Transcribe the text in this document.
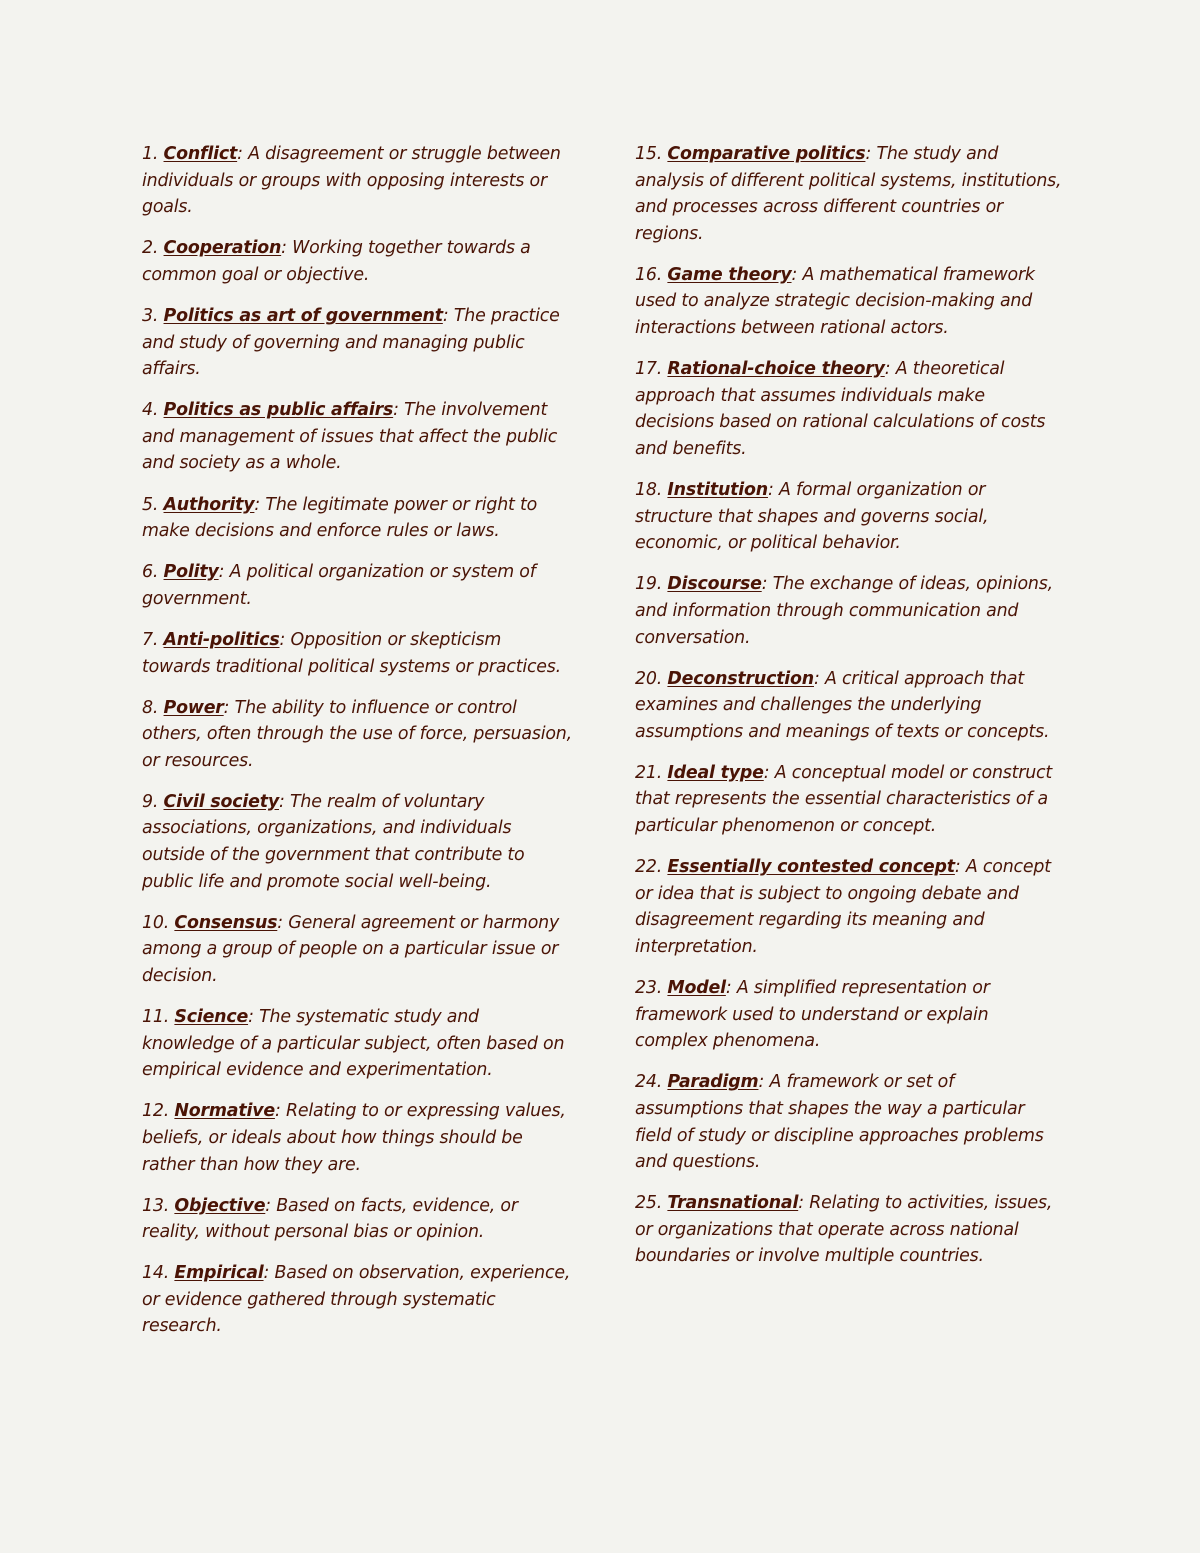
1. Conflict: A disagreement or struggle between individuals or groups with opposing interests or goals.

2. Cooperation: Working together towards a common goal or objective.

3. Politics as art of government: The practice and study of governing and managing public affairs.

4. Politics as public affairs: The involvement and management of issues that affect the public and society as a whole.

5. Authority: The legitimate power or right to make decisions and enforce rules or laws.

6. Polity: A political organization or system of government.

7. Anti-politics: Opposition or skepticism towards traditional political systems or practices.

8. Power: The ability to influence or control others, often through the use of force, persuasion, or resources.

9. Civil society: The realm of voluntary associations, organizations, and individuals outside of the government that contribute to public life and promote social well-being.

10. Consensus: General agreement or harmony among a group of people on a particular issue or decision.

11. Science: The systematic study and knowledge of a particular subject, often based on empirical evidence and experimentation.

12. Normative: Relating to or expressing values, beliefs, or ideals about how things should be rather than how they are.

13. Objective: Based on facts, evidence, or reality, without personal bias or opinion.

14. Empirical: Based on observation, experience, or evidence gathered through systematic research.

15. Comparative politics: The study and analysis of different political systems, institutions, and processes across different countries or regions.

16. Game theory: A mathematical framework used to analyze strategic decision-making and interactions between rational actors.

17. Rational-choice theory: A theoretical approach that assumes individuals make decisions based on rational calculations of costs and benefits.

18. Institution: A formal organization or structure that shapes and governs social, economic, or political behavior.

19. Discourse: The exchange of ideas, opinions, and information through communication and conversation.

20. Deconstruction: A critical approach that examines and challenges the underlying assumptions and meanings of texts or concepts.

21. Ideal type: A conceptual model or construct that represents the essential characteristics of a particular phenomenon or concept.

22. Essentially contested concept: A concept or idea that is subject to ongoing debate and disagreement regarding its meaning and interpretation.

23. Model: A simplified representation or framework used to understand or explain complex phenomena.

24. Paradigm: A framework or set of assumptions that shapes the way a particular field of study or discipline approaches problems and questions.

25. Transnational: Relating to activities, issues, or organizations that operate across national boundaries or involve multiple countries.
